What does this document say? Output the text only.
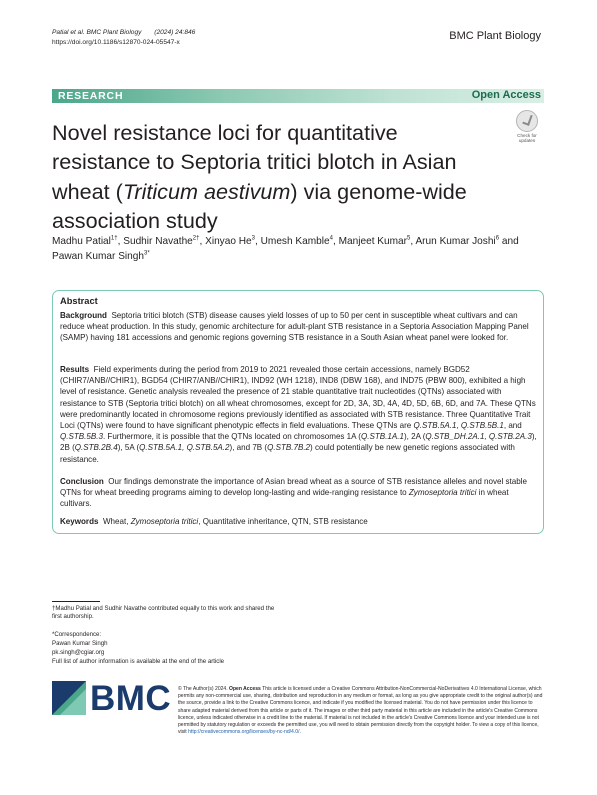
Patial et al. BMC Plant Biology (2024) 24:846
https://doi.org/10.1186/s12870-024-05547-x
BMC Plant Biology
RESEARCH	Open Access
Novel resistance loci for quantitative resistance to Septoria tritici blotch in Asian wheat (Triticum aestivum) via genome-wide association study
Check for
updates
Madhu Patial$^{1\dagger}$, Sudhir Navathe$^{2\dagger}$, Xinyao He$^3$, Umesh Kamble$^4$, Manjeet Kumar$^5$, Arun Kumar Joshi$^6$ and Pawan Kumar Singh$^{3*}$
Abstract

Background Septoria tritici blotch (STB) disease causes yield losses of up to 50 per cent in susceptible wheat cultivars and can reduce wheat production. In this study, genomic architecture for adult-plant STB resistance in a Septoria Association Mapping Panel (SAMP) having 181 accessions and genomic regions governing STB resistance in a South Asian wheat panel were looked for.

Results Field experiments during the period from 2019 to 2021 revealed those certain accessions, namely BGD52 (CHIR7/ANB//CHIR1), BGD54 (CHIR7/ANB//CHIR1), IND92 (WH 1218), IND8 (DBW 168), and IND75 (PBW 800), exhibited a high level of resistance. Genetic analysis revealed the presence of 21 stable quantitative trait nucleotides (QTNs) associated with resistance to STB (Septoria tritici blotch) on all wheat chromosomes, except for 2D, 3A, 3D, 4A, 4D, 5D, 6B, 6D, and 7A. These QTNs were predominantly located in chromosome regions previously identified as associated with STB resistance. Three Quantitative Trait Loci (QTNs) were found to have significant phenotypic effects in field evaluations. These QTNs are Q.STB.5A.1, Q.STB.5B.1, and Q.STB.5B.3. Furthermore, it is possible that the QTNs located on chromosomes 1A (Q.STB.1A.1), 2A (Q.STB_DH.2A.1, Q.STB.2A.3), 2B (Q.STB.2B.4), 5A (Q.STB.5A.1, Q.STB.5A.2), and 7B (Q.STB.7B.2) could potentially be new genetic regions associated with resistance.

Conclusion Our findings demonstrate the importance of Asian bread wheat as a source of STB resistance alleles and novel stable QTNs for wheat breeding programs aiming to develop long-lasting and wide-ranging resistance to Zymoseptoria tritici in wheat cultivars.

Keywords Wheat, Zymoseptoria tritici, Quantitative inheritance, QTN, STB resistance

†Madhu Patial and Sudhir Navathe contributed equally to this work and shared the first authorship.

*Correspondence:

Pawan Kumar Singh

pk.singh@cgiar.org

Full list of author information is available at the end of the article

BMC © The Author(s) 2024. Open Access This article is licensed under a Creative Commons Attribution-NonCommercial-NoDerivatives 4.0 International License, which permits any non-commercial use, sharing, distribution and reproduction in any medium or format, as long as you give appropriate credit to the original author(s) and the source, provide a link to the Creative Commons licence, and indicate if you modified the licensed material. You do not have permission under this licence to share adapted material derived from this article or parts of it. The images or other third party material in this article are included in the article's Creative Commons licence, unless indicated otherwise in a credit line to the material. If material is not included in the article's Creative Commons licence and your intended use is not permitted by statutory regulation or exceeds the permitted use, you will need to obtain permission directly from the copyright holder. To view a copy of this licence, visit http://creativecommons.org/licenses/by-nc-nd/4.0/.
